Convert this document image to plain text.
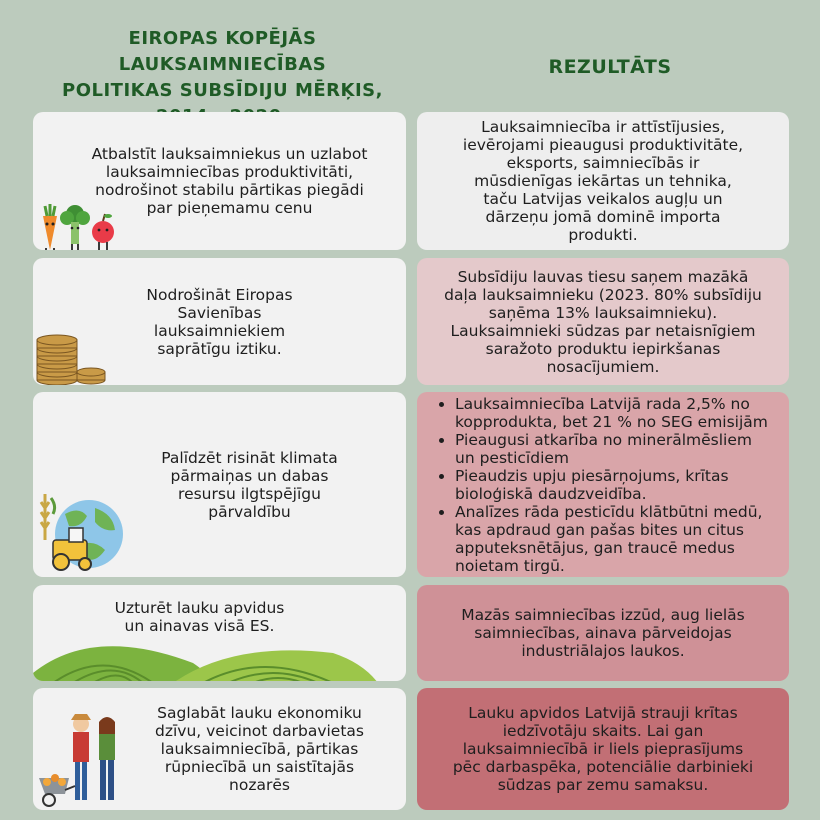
EIROPAS KOPĒJĀS LAUKSAIMNIECĪBAS
POLITIKAS SUBSĪDIJU MĒRĶIS,
REZULTĀTS
Atbalstīt lauksaimniekus un uzlabot lauksaimniecības produktivitāti, nodrošinot stabilu pārtikas piegādi par pieņemamu cenu
Lauksaimniecība ir attīstījusies, ievērojami pieaugusi produktivitāte, eksports, saimniecībās ir mūsdienīgas iekārtas un tehnika, taču Latvijas veikalos augļu un dārzeņu jomā dominē importa produkti.
Nodrošināt Eiropas Savienības lauksaimniekiem saprātīgu iztiku.
Subsīdiju lauvas tiesu saņem mazākā daļa lauksaimnieku (2023. 80% subsīdiju saņēma 13% lauksaimnieku). Lauksaimnieki sūdzas par netaisnīgiem saražoto produktu iepirkšanas nosacījumiem.
Palīdzēt risināt klimata pārmaiņas un dabas resursu ilgtspējīgu pārvaldību
• Lauksaimniecība Latvijā rada 2,5% no kopprodukta, bet 21 % no SEG emisijām
• Pieaugusi atkarība no minerālmēsliem un pesticīdiem
• Pieaudzis upju piesārņojums, krītas bioloģiskā daudzveidība.
• Analīzes rāda pesticīdu klātbūtni medū, kas apdraud gan pašas bites un citus apputeksnētājus, gan traucē medus noietam tirgū.
Uzturēt lauku apvidus un ainavas visā ES.
Mazās saimniecības izzūd, aug lielās saimniecības, ainava pārveidojas industriālajos laukos.
Saglabāt lauku ekonomiku dzīvu, veicinot darbavietas lauksaimniecībā, pārtikas rūpniecībā un saistītajās nozarēs
Lauku apvidos Latvijā strauji krītas iedzīvotāju skaits. Lai gan lauksaimniecībā ir liels pieprasījums pēc darbaspēka, potenciālie darbinieki sūdzas par zemu samaksu.
